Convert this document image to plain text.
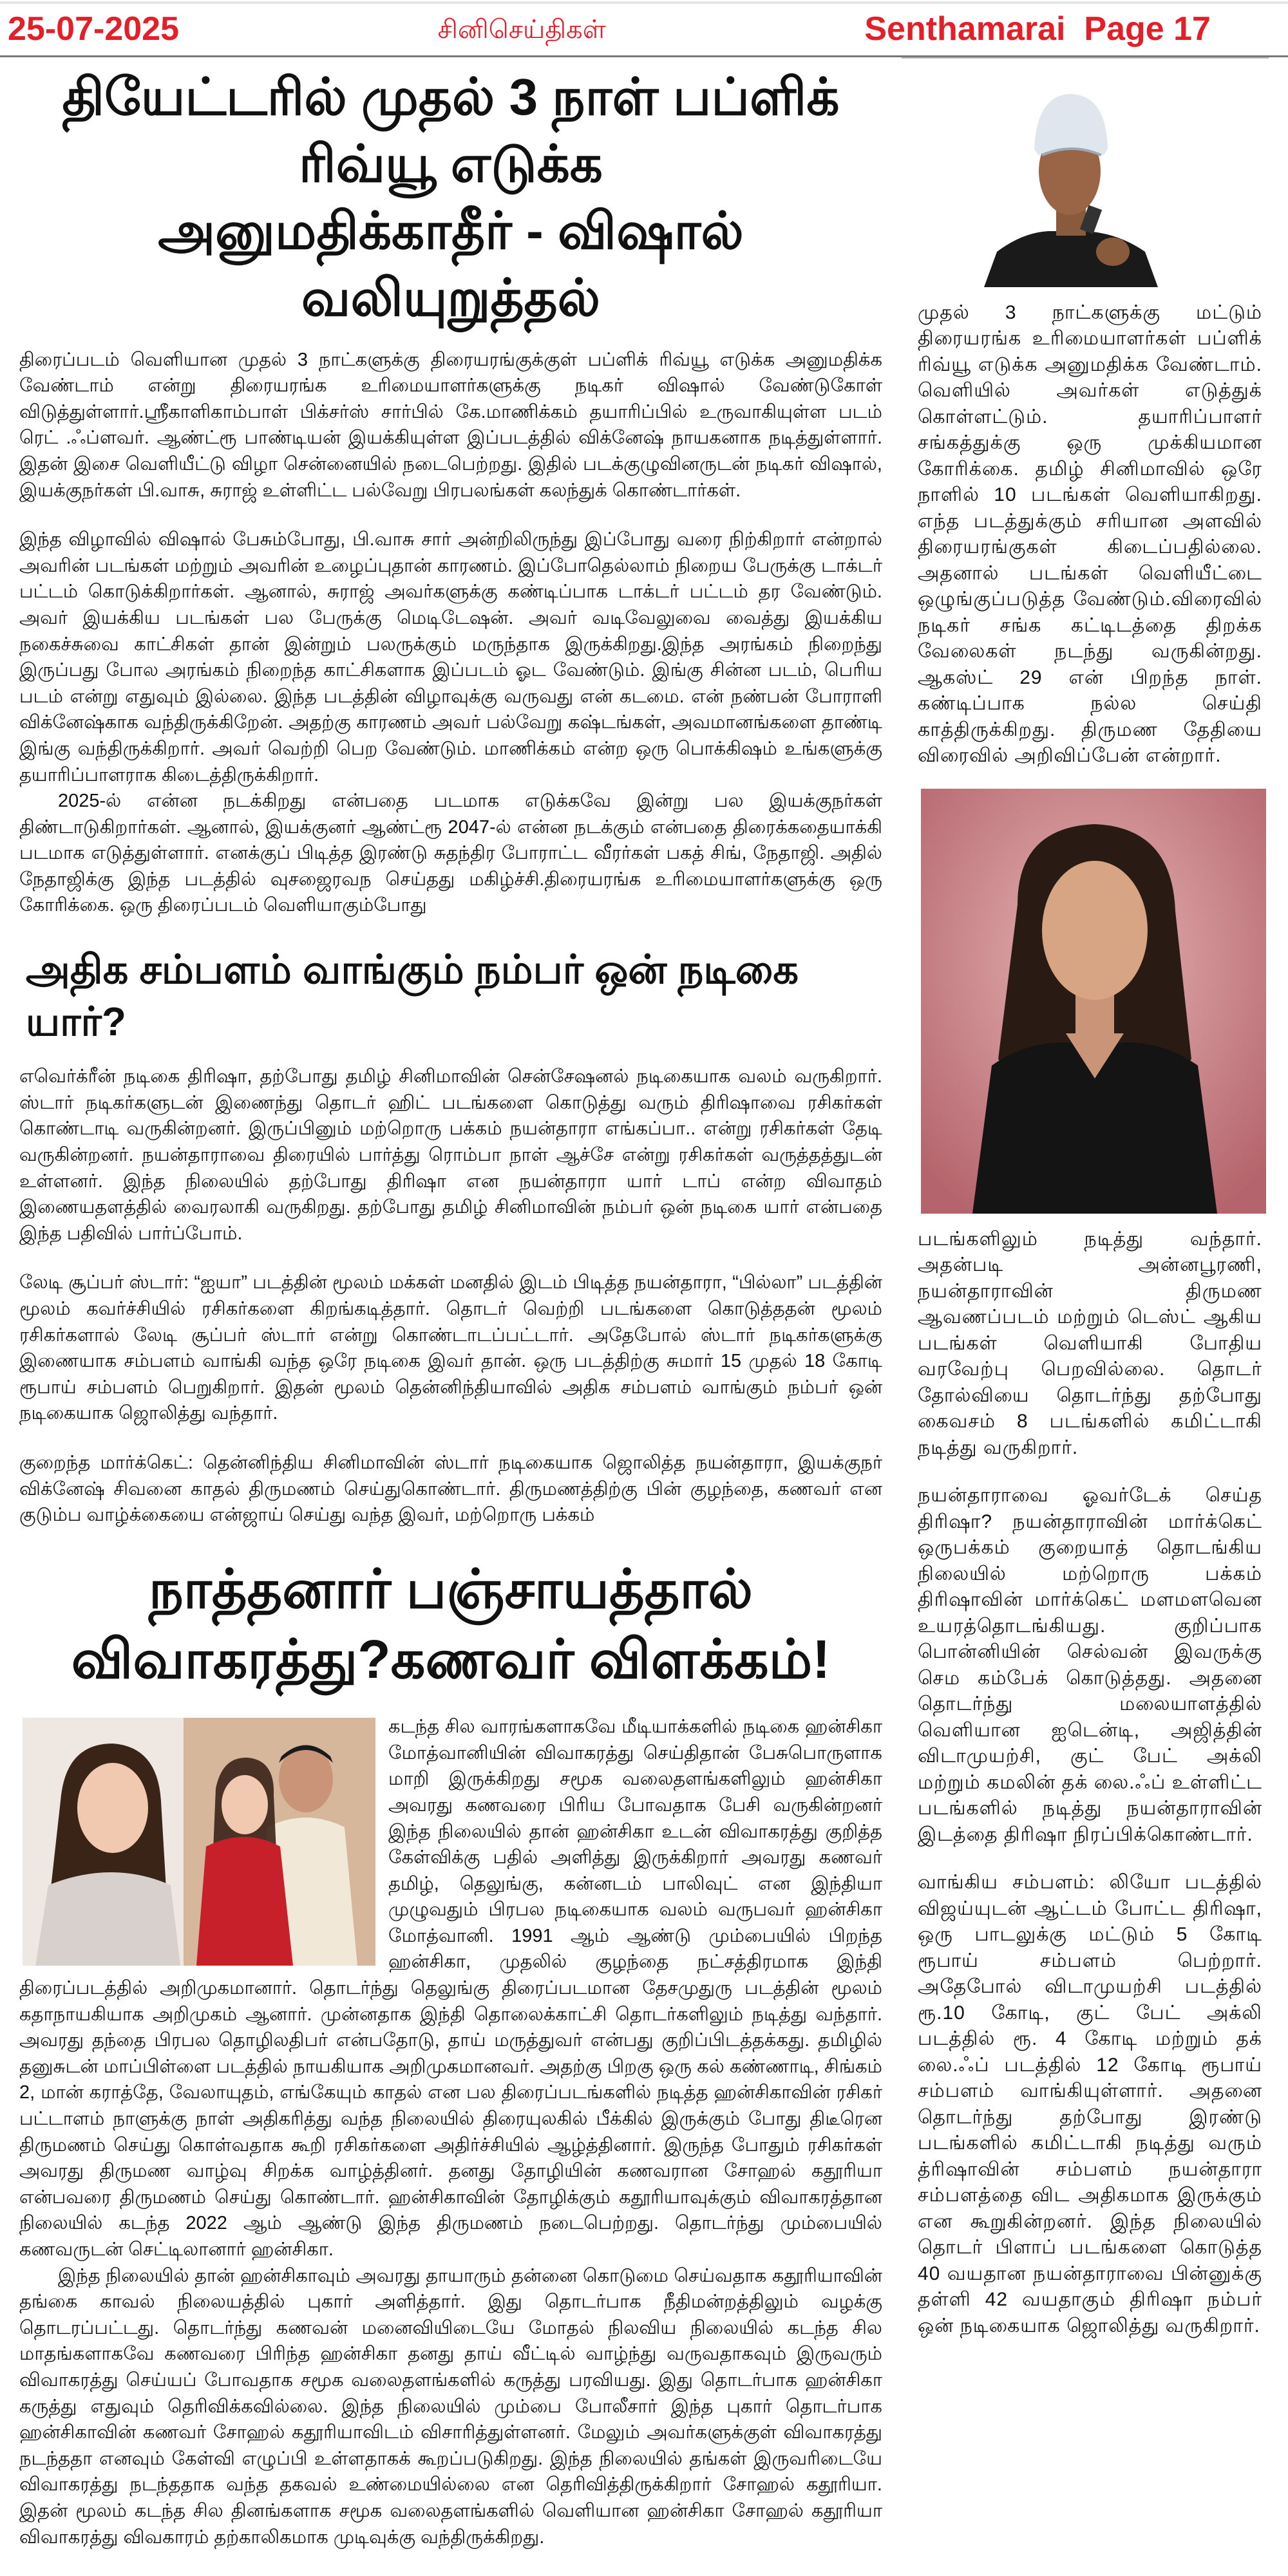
25-07-2025	சினிசெய்திகள்	Senthamarai  Page 17
தியேட்டரில் முதல் 3 நாள் பப்ளிக் ரிவ்யூ எடுக்க
அனுமதிக்காதீர் - விஷால் வலியுறுத்தல்

திரைப்படம் வெளியான முதல் 3 நாட்களுக்கு திரையரங்குக்குள் பப்ளிக் ரிவ்யூ எடுக்க அனுமதிக்க வேண்டாம் என்று திரையரங்க உரிமையாளர்களுக்கு நடிகர் விஷால் வேண்டுகோள் விடுத்துள்ளார்.ஸ்ரீகாளிகாம்பாள் பிக்சர்ஸ் சார்பில் கே.மாணிக்கம் தயாரிப்பில் உருவாகியுள்ள படம் ரெட் .ஃப்ளவர். ஆண்ட்ரூ பாண்டியன் இயக்கியுள்ள இப்படத்தில் விக்னேஷ் நாயகனாக நடித்துள்ளார். இதன் இசை வெளியீட்டு விழா சென்னையில் நடைபெற்றது. இதில் படக்குழுவினருடன் நடிகர் விஷால், இயக்குநர்கள் பி.வாசு, சுராஜ் உள்ளிட்ட பல்வேறு பிரபலங்கள் கலந்துக் கொண்டார்கள்.

இந்த விழாவில் விஷால் பேசும்போது, பி.வாசு சார் அன்றிலிருந்து இப்போது வரை நிற்கிறார் என்றால் அவரின் படங்கள் மற்றும் அவரின் உழைப்புதான் காரணம். இப்போதெல்லாம் நிறைய பேருக்கு டாக்டர் பட்டம் கொடுக்கிறார்கள். ஆனால், சுராஜ் அவர்களுக்கு கண்டிப்பாக டாக்டர் பட்டம் தர வேண்டும். அவர் இயக்கிய படங்கள் பல பேருக்கு மெடிடேஷன். அவர் வடிவேலுவை வைத்து இயக்கிய நகைச்சுவை காட்சிகள் தான் இன்றும் பலருக்கும் மருந்தாக இருக்கிறது.இந்த அரங்கம் நிறைந்து இருப்பது போல அரங்கம் நிறைந்த காட்சிகளாக இப்படம் ஓட வேண்டும். இங்கு சின்ன படம், பெரிய படம் என்று எதுவும் இல்லை. இந்த படத்தின் விழாவுக்கு வருவது என் கடமை. என் நண்பன் போராளி விக்னேஷ்காக வந்திருக்கிறேன். அதற்கு காரணம் அவர் பல்வேறு கஷ்டங்கள், அவமானங்களை தாண்டி இங்கு வந்திருக்கிறார். அவர் வெற்றி பெற வேண்டும். மாணிக்கம் என்ற ஒரு பொக்கிஷம் உங்களுக்கு தயாரிப்பாளராக கிடைத்திருக்கிறார்.

2025-ல் என்ன நடக்கிறது என்பதை படமாக எடுக்கவே இன்று பல இயக்குநர்கள் திண்டாடுகிறார்கள். ஆனால், இயக்குனர் ஆண்ட்ரூ 2047-ல் என்ன நடக்கும் என்பதை திரைக்கதையாக்கி படமாக எடுத்துள்ளார். எனக்குப் பிடித்த இரண்டு சுதந்திர போராட்ட வீரர்கள் பகத் சிங், நேதாஜி. அதில் நேதாஜிக்கு இந்த படத்தில் வுசஜைரவந செய்தது மகிழ்ச்சி.திரையரங்க உரிமையாளர்களுக்கு ஒரு கோரிக்கை. ஒரு திரைப்படம் வெளியாகும்போது

அதிக சம்பளம் வாங்கும் நம்பர் ஒன் நடிகை யார்?

எவெர்க்ரீன் நடிகை திரிஷா, தற்போது தமிழ் சினிமாவின் சென்சேஷனல் நடிகையாக வலம் வருகிறார். ஸ்டார் நடிகர்களுடன் இணைந்து தொடர் ஹிட் படங்களை கொடுத்து வரும் திரிஷாவை ரசிகர்கள் கொண்டாடி வருகின்றனர். இருப்பினும் மற்றொரு பக்கம் நயன்தாரா எங்கப்பா.. என்று ரசிகர்கள் தேடி வருகின்றனர். நயன்தாராவை திரையில் பார்த்து ரொம்பா நாள் ஆச்சே என்று ரசிகர்கள் வருத்தத்துடன் உள்ளனர். இந்த நிலையில் தற்போது திரிஷா என நயன்தாரா யார் டாப் என்ற விவாதம் இணையதளத்தில் வைரலாகி வருகிறது. தற்போது தமிழ் சினிமாவின் நம்பர் ஒன் நடிகை யார் என்பதை இந்த பதிவில் பார்ப்போம்.

லேடி சூப்பர் ஸ்டார்: “ஐயா” படத்தின் மூலம் மக்கள் மனதில் இடம் பிடித்த நயன்தாரா, “பில்லா” படத்தின் மூலம் கவர்ச்சியில் ரசிகர்களை கிறங்கடித்தார். தொடர் வெற்றி படங்களை கொடுத்ததன் மூலம் ரசிகர்களால் லேடி சூப்பர் ஸ்டார் என்று கொண்டாடப்பட்டார். அதேபோல் ஸ்டார் நடிகர்களுக்கு இணையாக சம்பளம் வாங்கி வந்த ஒரே நடிகை இவர் தான். ஒரு படத்திற்கு சுமார் 15 முதல் 18 கோடி ரூபாய் சம்பளம் பெறுகிறார். இதன் மூலம் தென்னிந்தியாவில் அதிக சம்பளம் வாங்கும் நம்பர் ஒன் நடிகையாக ஜொலித்து வந்தார்.

குறைந்த மார்க்கெட்: தென்னிந்திய சினிமாவின் ஸ்டார் நடிகையாக ஜொலித்த நயன்தாரா, இயக்குநர் விக்னேஷ் சிவனை காதல் திருமணம் செய்துகொண்டார். திருமணத்திற்கு பின் குழந்தை, கணவர் என குடும்ப வாழ்க்கையை என்ஜாய் செய்து வந்த இவர், மற்றொரு பக்கம்

நாத்தனார் பஞ்சாயத்தால் விவாகரத்து?கணவர் விளக்கம்!

கடந்த சில வாரங்களாகவே மீடியாக்களில் நடிகை ஹன்சிகா மோத்வானியின் விவாகரத்து செய்திதான் பேசுபொருளாக மாறி இருக்கிறது சமூக வலைதளங்களிலும் ஹன்சிகா அவரது கணவரை பிரிய போவதாக பேசி வருகின்றனர் இந்த நிலையில் தான் ஹன்சிகா உடன் விவாகரத்து குறித்த கேள்விக்கு பதில் அளித்து இருக்கிறார் அவரது கணவர் தமிழ், தெலுங்கு, கன்னடம் பாலிவுட் என இந்தியா முழுவதும் பிரபல நடிகையாக வலம் வருபவர் ஹன்சிகா மோத்வானி. 1991 ஆம் ஆண்டு மும்பையில் பிறந்த ஹன்சிகா, முதலில் குழந்தை நட்சத்திரமாக இந்தி திரைப்படத்தில் அறிமுகமானார். தொடர்ந்து தெலுங்கு திரைப்படமான தேசமுதுரு படத்தின் மூலம் கதாநாயகியாக அறிமுகம் ஆனார். முன்னதாக இந்தி தொலைக்காட்சி தொடர்களிலும் நடித்து வந்தார். அவரது தந்தை பிரபல தொழிலதிபர் என்பதோடு, தாய் மருத்துவர் என்பது குறிப்பிடத்தக்கது. தமிழில் தனுசுடன் மாப்பிள்ளை படத்தில் நாயகியாக அறிமுகமானவர். அதற்கு பிறகு ஒரு கல் கண்ணாடி, சிங்கம் 2, மான் கராத்தே, வேலாயுதம், எங்கேயும் காதல் என பல திரைப்படங்களில் நடித்த ஹன்சிகாவின் ரசிகர் பட்டாளம் நாளுக்கு நாள் அதிகரித்து வந்த நிலையில் திரையுலகில் பீக்கில் இருக்கும் போது திடீரென திருமணம் செய்து கொள்வதாக கூறி ரசிகர்களை அதிர்ச்சியில் ஆழ்த்தினார். இருந்த போதும் ரசிகர்கள் அவரது திருமண வாழ்வு சிறக்க வாழ்த்தினர். தனது தோழியின் கணவரான சோஹல் கதூரியா என்பவரை திருமணம் செய்து கொண்டார். ஹன்சிகாவின் தோழிக்கும் கதூரியாவுக்கும் விவாகரத்தான நிலையில் கடந்த 2022 ஆம் ஆண்டு இந்த திருமணம் நடைபெற்றது. தொடர்ந்து மும்பையில் கணவருடன் செட்டிலானார் ஹன்சிகா.

இந்த நிலையில் தான் ஹன்சிகாவும் அவரது தாயாரும் தன்னை கொடுமை செய்வதாக கதூரியாவின் தங்கை காவல் நிலையத்தில் புகார் அளித்தார். இது தொடர்பாக நீதிமன்றத்திலும் வழக்கு தொடரப்பட்டது. தொடர்ந்து கணவன் மனைவியிடையே மோதல் நிலவிய நிலையில் கடந்த சில மாதங்களாகவே கணவரை பிரிந்த ஹன்சிகா தனது தாய் வீட்டில் வாழ்ந்து வருவதாகவும் இருவரும் விவாகரத்து செய்யப் போவதாக சமூக வலைதளங்களில் கருத்து பரவியது. இது தொடர்பாக ஹன்சிகா கருத்து எதுவும் தெரிவிக்கவில்லை. இந்த நிலையில் மும்பை போலீசார் இந்த புகார் தொடர்பாக ஹன்சிகாவின் கணவர் சோஹல் கதூரியாவிடம் விசாரித்துள்ளனர். மேலும் அவர்களுக்குள் விவாகரத்து நடந்ததா எனவும் கேள்வி எழுப்பி உள்ளதாகக் கூறப்படுகிறது. இந்த நிலையில் தங்கள் இருவரிடையே விவாகரத்து நடந்ததாக வந்த தகவல் உண்மையில்லை என தெரிவித்திருக்கிறார் சோஹல் கதூரியா. இதன் மூலம் கடந்த சில தினங்களாக சமூக வலைதளங்களில் வெளியான ஹன்சிகா சோஹல் கதூரியா விவாகரத்து விவகாரம் தற்காலிகமாக முடிவுக்கு வந்திருக்கிறது.

முதல் 3 நாட்களுக்கு மட்டும் திரையரங்க உரிமையாளர்கள் பப்ளிக் ரிவ்யூ எடுக்க அனுமதிக்க வேண்டாம். வெளியில் அவர்கள் எடுத்துக் கொள்ளட்டும். தயாரிப்பாளர் சங்கத்துக்கு ஒரு முக்கியமான கோரிக்கை. தமிழ் சினிமாவில் ஒரே நாளில் 10 படங்கள் வெளியாகிறது. எந்த படத்துக்கும் சரியான அளவில் திரையரங்குகள் கிடைப்பதில்லை. அதனால் படங்கள் வெளியீட்டை ஒழுங்குப்படுத்த வேண்டும்.விரைவில் நடிகர் சங்க கட்டிடத்தை திறக்க வேலைகள் நடந்து வருகின்றது. ஆகஸ்ட் 29 என் பிறந்த நாள். கண்டிப்பாக நல்ல செய்தி காத்திருக்கிறது. திருமண தேதியை விரைவில் அறிவிப்பேன் என்றார்.

படங்களிலும் நடித்து வந்தார். அதன்படி அன்னபூரணி, நயன்தாராவின் திருமண ஆவணப்படம் மற்றும் டெஸ்ட் ஆகிய படங்கள் வெளியாகி போதிய வரவேற்பு பெறவில்லை. தொடர் தோல்வியை தொடர்ந்து தற்போது கைவசம் 8 படங்களில் கமிட்டாகி நடித்து வருகிறார்.

நயன்தாராவை ஓவர்டேக் செய்த திரிஷா? நயன்தாராவின் மார்க்கெட் ஒருபக்கம் குறையாத் தொடங்கிய நிலையில் மற்றொரு பக்கம் திரிஷாவின் மார்க்கெட் மளமளவென உயரத்தொடங்கியது. குறிப்பாக பொன்னியின் செல்வன் இவருக்கு செம கம்பேக் கொடுத்தது. அதனை தொடர்ந்து மலையாளத்தில் வெளியான ஐடென்டி, அஜித்தின் விடாமுயற்சி, குட் பேட் அக்லி மற்றும் கமலின் தக் லை.ஃப் உள்ளிட்ட படங்களில் நடித்து நயன்தாராவின் இடத்தை திரிஷா நிரப்பிக்கொண்டார்.

வாங்கிய சம்பளம்: லியோ படத்தில் விஜய்யுடன் ஆட்டம் போட்ட திரிஷா, ஒரு பாடலுக்கு மட்டும் 5 கோடி ரூபாய் சம்பளம் பெற்றார். அதேபோல் விடாமுயற்சி படத்தில் ரூ.10 கோடி, குட் பேட் அக்லி படத்தில் ரூ. 4 கோடி மற்றும் தக் லை.ஃப் படத்தில் 12 கோடி ரூபாய் சம்பளம் வாங்கியுள்ளார். அதனை தொடர்ந்து தற்போது இரண்டு படங்களில் கமிட்டாகி நடித்து வரும் த்ரிஷாவின் சம்பளம் நயன்தாரா சம்பளத்தை விட அதிகமாக இருக்கும் என கூறுகின்றனர். இந்த நிலையில் தொடர் பிளாப் படங்களை கொடுத்த 40 வயதான நயன்தாராவை பின்னுக்கு தள்ளி 42 வயதாகும் திரிஷா நம்பர் ஒன் நடிகையாக ஜொலித்து வருகிறார்.
